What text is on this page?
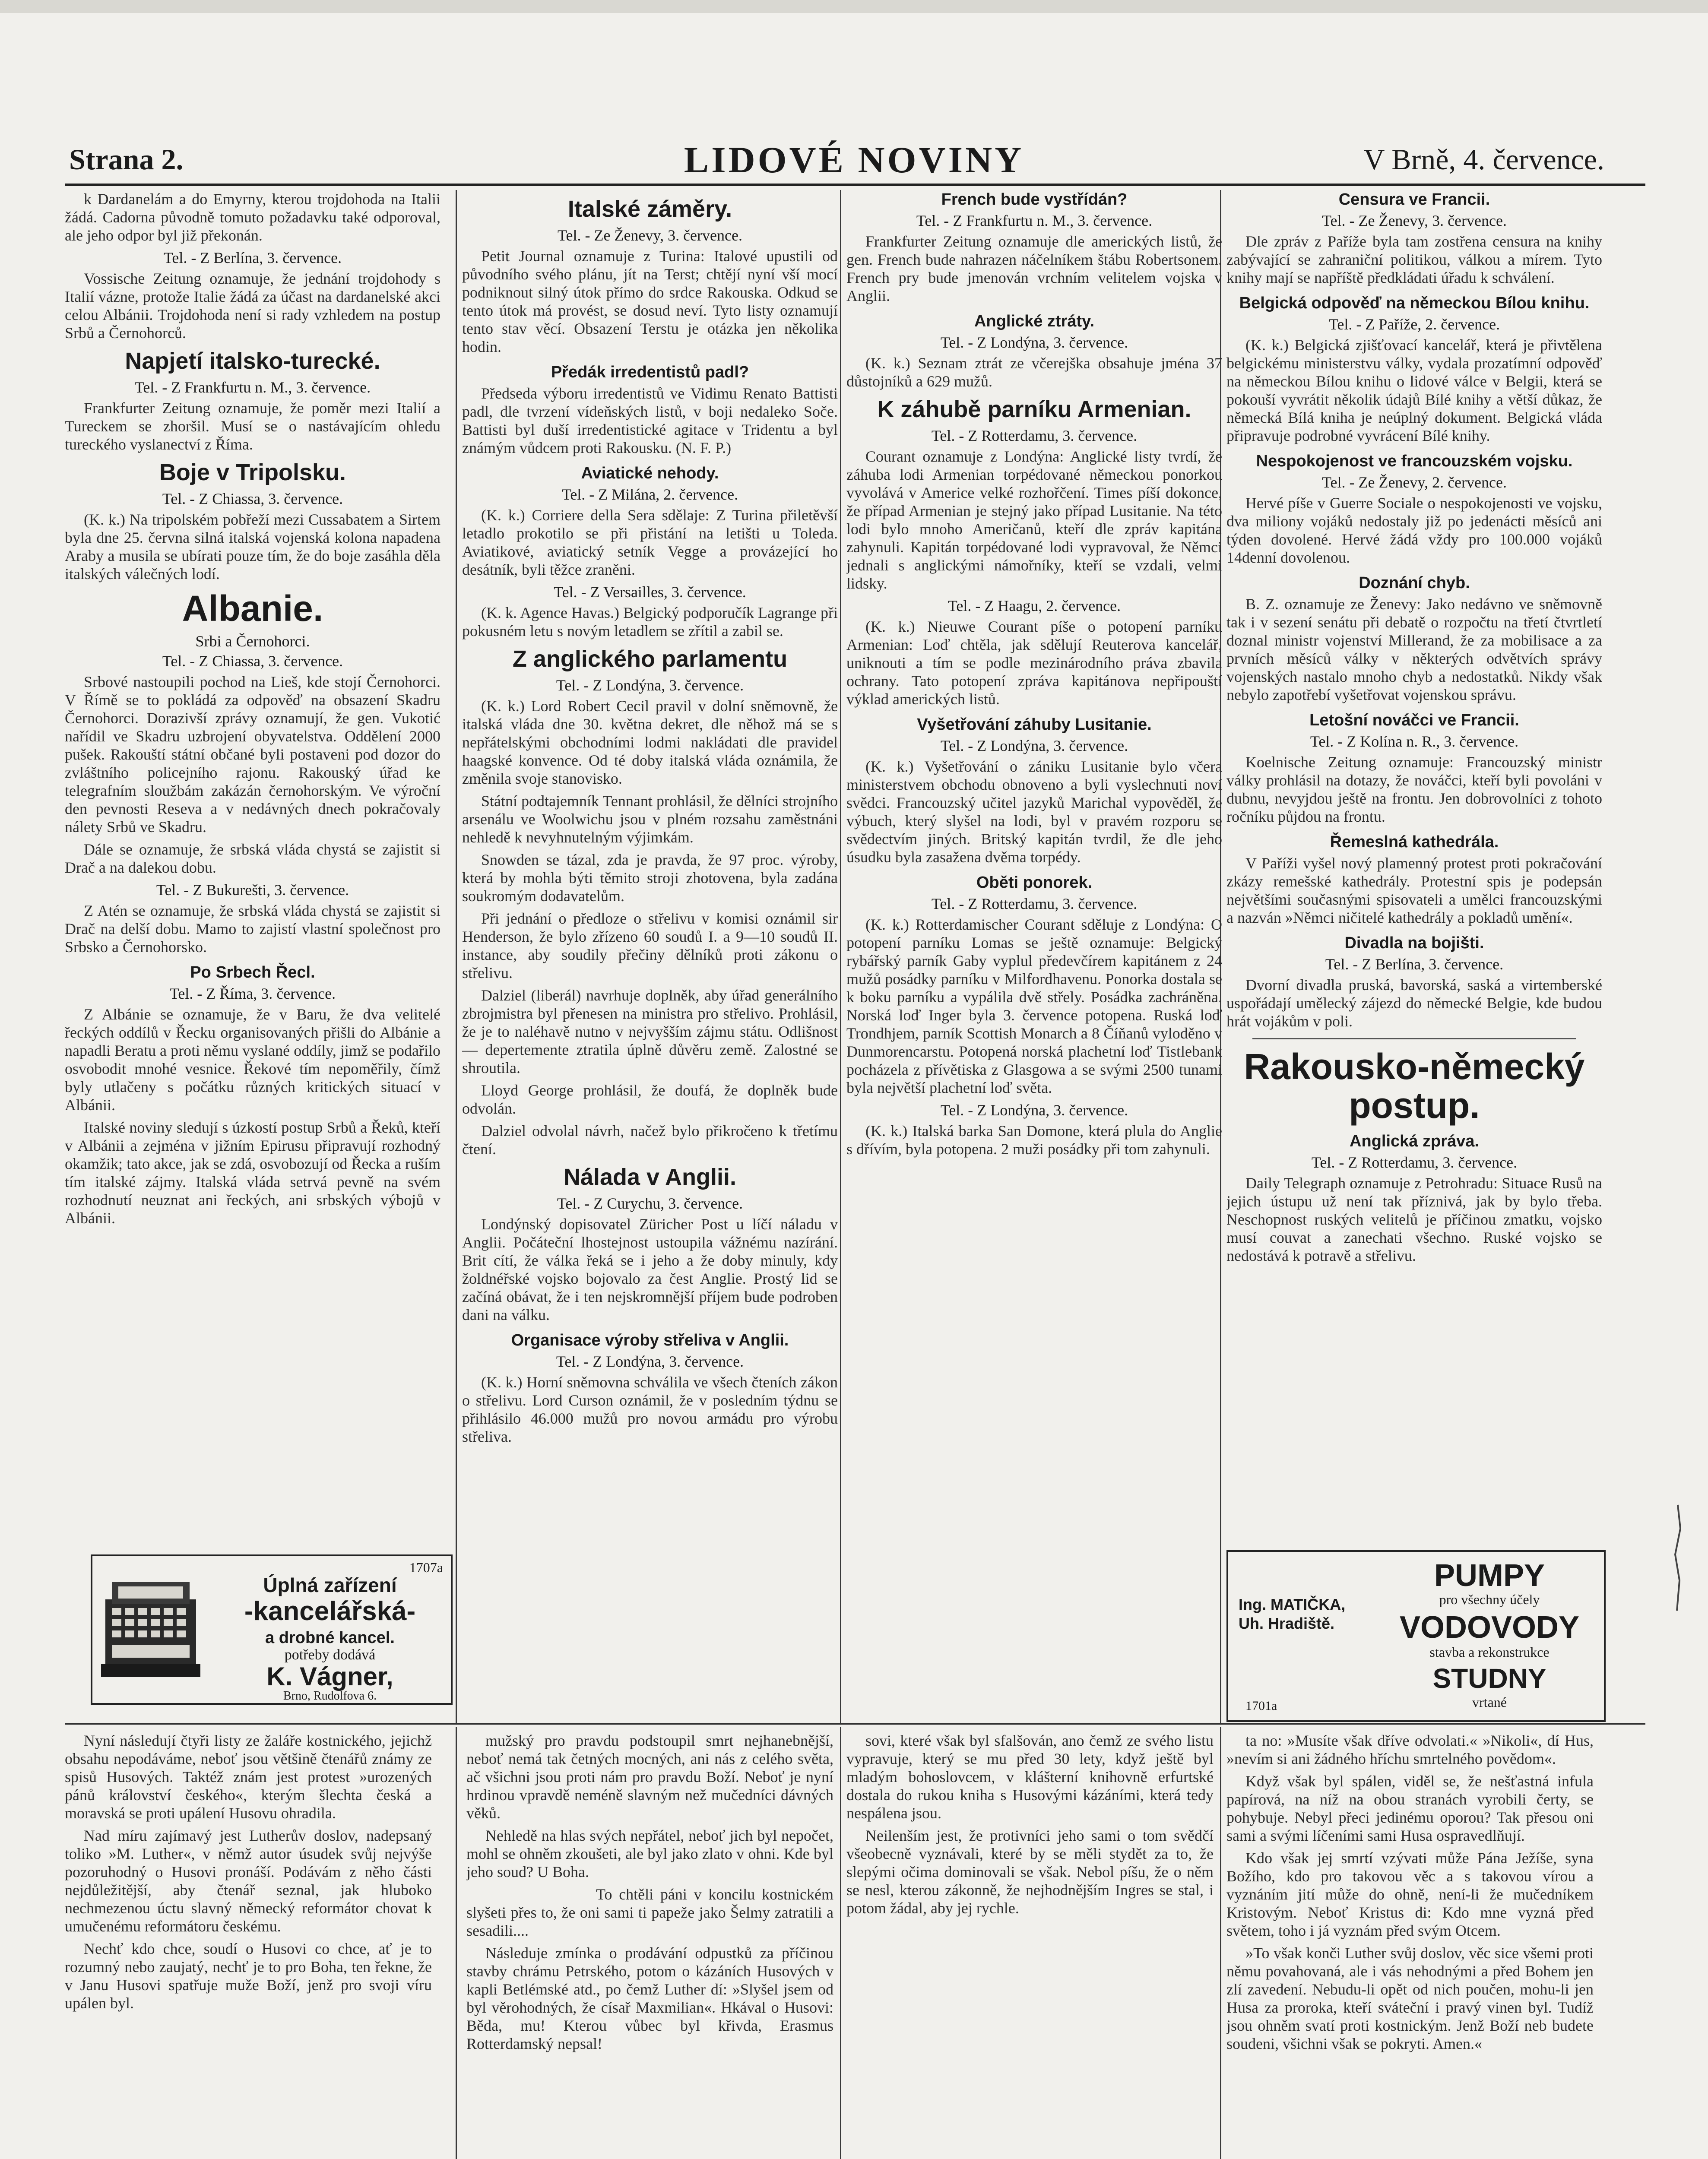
Strana 2.	LIDOVÉ NOVINY	V Brně, 4. července.

k Dardanelám a do Emyrny, kterou trojdohoda na Italii žádá. Cadorna původně tomuto požadavku také odporoval, ale jeho odpor byl již překonán.

Tel. - Z Berlína, 3. července.

Vossische Zeitung oznamuje, že jednání trojdohody s Italií vázne, protože Italie žádá za účast na dardanelské akci celou Albánii. Trojdohoda není si rady vzhledem na postup Srbů a Černohorců.

Napjetí italsko-turecké.
Tel. - Z Frankfurtu n. M., 3. července.

Frankfurter Zeitung oznamuje, že poměr mezi Italií a Tureckem se zhoršil. Musí se o nastávajícím ohledu tureckého vyslanectví z Říma.

Boje v Tripolsku.
Tel. - Z Chiassa, 3. července.

(K. k.) Na tripolském pobřeží mezi Cussabatem a Sirtem byla dne 25. června silná italská vojenská kolona napadena Araby a musila se ubírati pouze tím, že do boje zasáhla děla italských válečných lodí.

Albanie.
Srbi a Černohorci.
Tel. - Z Chiassa, 3. července.

Srbové nastoupili pochod na Lieš, kde stojí Černohorci. V Římě se to pokládá za odpověď na obsazení Skadru Černohorci. Dorazivší zprávy oznamují, že gen. Vukotić nařídil ve Skadru uzbrojení obyvatelstva. Oddělení 2000 pušek. Rakouští státní občané byli postaveni pod dozor do zvláštního policejního rajonu. Rakouský úřad ke telegrafním sloužbám zakázán černohorským. Ve výroční den pevnosti Reseva a v nedávných dnech pokračovaly nálety Srbů ve Skadru.

Dále se oznamuje, že srbská vláda chystá se zajistit si Drač a na dalekou dobu.

Tel. - Z Bukurešti, 3. července.

Z Atén se oznamuje, že srbská vláda chystá se zajistit si Drač na delší dobu. Mamo to zajistí vlastní společnost pro Srbsko a Černohorsko.

Po Srbech Řecl.
Tel. - Z Říma, 3. července.

Z Albánie se oznamuje, že v Baru, že dva velitelé řeckých oddílů v Řecku organisovaných přišli do Albánie a napadli Beratu a proti němu vyslané oddíly, jimž se podařilo osvobodit mnohé vesnice. Řekové tím nepoměřily, čímž byly utlačeny s počátku různých kritických situací v Albánii.

Italské noviny sledují s úzkostí postup Srbů a Řeků, kteří v Albánii a zejména v jižním Epirusu připravují rozhodný okamžik; tato akce, jak se zdá, osvobozují od Řecka a ruším tím italské zájmy. Italská vláda setrvá pevně na svém rozhodnutí neuznat ani řeckých, ani srbských výbojů v Albánii.

1707a
Úplná zařízení
-kancelářská-
a drobné kancel.
potřeby dodává
K. Vágner,
Brno, Rudolfova 6.
Italské záměry.
Tel. - Ze Ženevy, 3. července.

Petit Journal oznamuje z Turina: Italové upustili od původního svého plánu, jít na Terst; chtějí nyní vší mocí podniknout silný útok přímo do srdce Rakouska. Odkud se tento útok má provést, se dosud neví. Tyto listy oznamují tento stav věcí. Obsazení Terstu je otázka jen několika hodin.

Předák irredentistů padl?

Předseda výboru irredentistů ve Vidimu Renato Battisti padl, dle tvrzení vídeňských listů, v boji nedaleko Soče. Battisti byl duší irredentistické agitace v Tridentu a byl známým vůdcem proti Rakousku. (N. F. P.)

Aviatické nehody.
Tel. - Z Milána, 2. července.

(K. k.) Corriere della Sera sdělaje: Z Turina přiletěvší letadlo prokotilo se při přistání na letišti u Toleda. Aviatikové, aviatický setník Vegge a provázející ho desátník, byli těžce zraněni.

Tel. - Z Versailles, 3. července.

(K. k. Agence Havas.) Belgický podporučík Lagrange při pokusném letu s novým letadlem se zřítil a zabil se.

Z anglického parlamentu
Tel. - Z Londýna, 3. července.

(K. k.) Lord Robert Cecil pravil v dolní sněmovně, že italská vláda dne 30. května dekret, dle něhož má se s nepřátelskými obchodními lodmi nakládati dle pravidel haagské konvence. Od té doby italská vláda oznámila, že změnila svoje stanovisko.

Státní podtajemník Tennant prohlásil, že dělníci strojního arsenálu ve Woolwichu jsou v plném rozsahu zaměstnáni nehledě k nevyhnutelným výjimkám.

Snowden se tázal, zda je pravda, že 97 proc. výroby, která by mohla býti těmito stroji zhotovena, byla zadána soukromým dodavatelům.

Při jednání o předloze o střelivu v komisi oznámil sir Henderson, že bylo zřízeno 60 soudů I. a 9—10 soudů II. instance, aby soudily přečiny dělníků proti zákonu o střelivu.

Dalziel (liberál) navrhuje doplněk, aby úřad generálního zbrojmistra byl přenesen na ministra pro střelivo. Prohlásil, že je to naléhavě nutno v nejvyšším zájmu státu. Odlišnost — depertemente ztratila úplně důvěru země. Zalostné se shroutila.

Lloyd George prohlásil, že doufá, že doplněk bude odvolán.

Dalziel odvolal návrh, načež bylo přikročeno k třetímu čtení.

Nálada v Anglii.
Tel. - Z Curychu, 3. července.

Londýnský dopisovatel Züricher Post u líčí náladu v Anglii. Počáteční lhostejnost ustoupila vážnému nazírání. Brit cítí, že válka řeká se i jeho a že doby minuly, kdy žoldnéřské vojsko bojovalo za čest Anglie. Prostý lid se začíná obávat, že i ten nejskromnější příjem bude podroben dani na válku.

Organisace výroby střeliva v Anglii.
Tel. - Z Londýna, 3. července.

(K. k.) Horní sněmovna schválila ve všech čteních zákon o střelivu. Lord Curson oznámil, že v posledním týdnu se přihlásilo 46.000 mužů pro novou armádu pro výrobu střeliva.

French bude vystřídán?
Tel. - Z Frankfurtu n. M., 3. července.

Frankfurter Zeitung oznamuje dle amerických listů, že gen. French bude nahrazen náčelníkem štábu Robertsonem. French pry bude jmenován vrchním velitelem vojska v Anglii.

Anglické ztráty.
Tel. - Z Londýna, 3. července.

(K. k.) Seznam ztrát ze včerejška obsahuje jména 37 důstojníků a 629 mužů.

K záhubě parníku Armenian.
Tel. - Z Rotterdamu, 3. července.

Courant oznamuje z Londýna: Anglické listy tvrdí, že záhuba lodi Armenian torpédované německou ponorkou vyvolává v Americe velké rozhořčení. Times píší dokonce, že případ Armenian je stejný jako případ Lusitanie. Na této lodi bylo mnoho Američanů, kteří dle zpráv kapitána zahynuli. Kapitán torpédované lodi vypravoval, že Němci jednali s anglickými námořníky, kteří se vzdali, velmi lidsky.

Tel. - Z Haagu, 2. července.

(K. k.) Nieuwe Courant píše o potopení parníku Armenian: Loď chtěla, jak sdělují Reuterova kancelář, uniknouti a tím se podle mezinárodního práva zbavila ochrany. Tato potopení zpráva kapitánova nepřipouští výklad amerických listů.

Vyšetřování záhuby Lusitanie.
Tel. - Z Londýna, 3. července.

(K. k.) Vyšetřování o zániku Lusitanie bylo včera ministerstvem obchodu obnoveno a byli vyslechnuti noví svědci. Francouzský učitel jazyků Marichal vypověděl, že výbuch, který slyšel na lodi, byl v pravém rozporu se svědectvím jiných. Britský kapitán tvrdil, že dle jeho úsudku byla zasažena dvěma torpédy.

Oběti ponorek.
Tel. - Z Rotterdamu, 3. července.

(K. k.) Rotterdamischer Courant sděluje z Londýna: O potopení parníku Lomas se ještě oznamuje: Belgický rybářský parník Gaby vyplul předevčírem kapitánem z 24 mužů posádky parníku v Milfordhavenu. Ponorka dostala se k boku parníku a vypálila dvě střely. Posádka zachráněna. Norská loď Inger byla 3. července potopena. Ruská loď Trondhjem, parník Scottish Monarch a 8 Číňanů vyloděno v Dunmorencarstu. Potopená norská plachetní loď Tistlebank pocházela z přívětiska z Glasgowa a se svými 2500 tunami byla největší plachetní loď světa.

Tel. - Z Londýna, 3. července.

(K. k.) Italská barka San Domone, která plula do Anglie s dřívím, byla potopena. 2 muži posádky při tom zahynuli.

Censura ve Francii.
Tel. - Ze Ženevy, 3. července.

Dle zpráv z Paříže byla tam zostřena censura na knihy zabývající se zahraniční politikou, válkou a mírem. Tyto knihy mají se napříště předkládati úřadu k schválení.

Belgická odpověď na německou Bílou knihu.
Tel. - Z Paříže, 2. července.

(K. k.) Belgická zjišťovací kancelář, která je přivtělena belgickému ministerstvu války, vydala prozatímní odpověď na německou Bílou knihu o lidové válce v Belgii, která se pokouší vyvrátit několik údajů Bílé knihy a větší důkaz, že německá Bílá kniha je neúplný dokument. Belgická vláda připravuje podrobné vyvrácení Bílé knihy.

Nespokojenost ve francouzském vojsku.
Tel. - Ze Ženevy, 2. července.

Hervé píše v Guerre Sociale o nespokojenosti ve vojsku, dva miliony vojáků nedostaly již po jedenácti měsíců ani týden dovolené. Hervé žádá vždy pro 100.000 vojáků 14denní dovolenou.

Doznání chyb.

B. Z. oznamuje ze Ženevy: Jako nedávno ve sněmovně tak i v sezení senátu při debatě o rozpočtu na třetí čtvrtletí doznal ministr vojenství Millerand, že za mobilisace a za prvních měsíců války v některých odvětvích správy vojenských nastalo mnoho chyb a nedostatků. Nikdy však nebylo zapotřebí vyšetřovat vojenskou správu.

Letošní nováčci ve Francii.
Tel. - Z Kolína n. R., 3. července.

Koelnische Zeitung oznamuje: Francouzský ministr války prohlásil na dotazy, že nováčci, kteří byli povoláni v dubnu, nevyjdou ještě na frontu. Jen dobrovolníci z tohoto ročníku půjdou na frontu.

Řemeslná kathedrála.

V Paříži vyšel nový plamenný protest proti pokračování zkázy remešské kathedrály. Protestní spis je podepsán největšími současnými spisovateli a umělci francouzskými a nazván »Němci ničitelé kathedrály a pokladů umění«.

Divadla na bojišti.
Tel. - Z Berlína, 3. července.

Dvorní divadla pruská, bavorská, saská a virtemberské uspořádají umělecký zájezd do německé Belgie, kde budou hrát vojákům v poli.

Rakousko-německý postup.
Anglická zpráva.
Tel. - Z Rotterdamu, 3. července.

Daily Telegraph oznamuje z Petrohradu: Situace Rusů na jejich ústupu už není tak příznivá, jak by bylo třeba. Neschopnost ruských velitelů je příčinou zmatku, vojsko musí couvat a zanechati všechno. Ruské vojsko se nedostává k potravě a střelivu.

Ing. MATIČKA, Uh. Hradiště.
PUMPY
pro všechny účely
VODOVODY
stavba a rekonstrukce
STUDNY
vrtané
1701a

Nyní následují čtyři listy ze žaláře kostnického, jejichž obsahu nepodáváme, neboť jsou většině čtenářů známy ze spisů Husových. Taktéž znám jest protest »urozených pánů království českého«, kterým šlechta česká a moravská se proti upálení Husovu ohradila.

Nad míru zajímavý jest Lutherův doslov, nadepsaný toliko »M. Luther«, v němž autor úsudek svůj nejvýše pozoruhodný o Husovi pronáší. Podávám z něho části nejdůležitější, aby čtenář seznal, jak hluboko nechmezenou úctu slavný německý reformátor chovat k umučenému reformátoru českému.

Nechť kdo chce, soudí o Husovi co chce, ať je to rozumný nebo zaujatý, nechť je to pro Boha, ten řekne, že v Janu Husovi spatřuje muže Boží, jenž pro svoji víru upálen byl.

mužský pro pravdu podstoupil smrt nejhanebnější, neboť nemá tak četných mocných, ani nás z celého světa, ač všichni jsou proti nám pro pravdu Boží. Neboť je nyní hrdinou vpravdě neméně slavným než mučedníci dávných věků.

Nehledě na hlas svých nepřátel, neboť jich byl nepočet, mohl se ohněm zkoušeti, ale byl jako zlato v ohni. Kde byl jeho soud? U Boha.

To chtěli páni v koncilu kostnickém slyšeti přes to, že oni sami ti papeže jako Šelmy zatratili a sesadili....

Následuje zmínka o prodávání odpustků za příčinou stavby chrámu Petrského, potom o kázáních Husových v kapli Betlémské atd., po čemž Luther dí: »Slyšel jsem od byl věrohodných, že císař Maxmilian«. Hkával o Husovi: Běda, mu! Kterou vůbec byl křivda, Erasmus Rotterdamský nepsal!

sovi, které však byl sfalšován, ano čemž ze svého listu vypravuje, který se mu před 30 lety, když ještě byl mladým bohoslovcem, v klášterní knihovně erfurtské dostala do rukou kniha s Husovými kázáními, která tedy nespálena jsou.

Neilenším jest, že protivníci jeho sami o tom svědčí všeobecně vyznávali, které by se měli stydět za to, že slepými očima dominovali se však. Nebol píšu, že o něm se nesl, kterou zákonně, že nejhodnějším Ingres se stal, i potom žádal, aby jej rychle.

ta no: »Musíte však dříve odvolati.« »Nikoli«, dí Hus, »nevím si ani žádného hříchu smrtelného povědom«.

Když však byl spálen, viděl se, že nešťastná infula papírová, na níž na obou stranách vyrobili čerty, se pohybuje. Nebyl přeci jedinému oporou? Tak přesou oni sami a svými líčeními sami Husa ospravedlňují.

Kdo však jej smrtí vzývati může Pána Ježíše, syna Božího, kdo pro takovou věc a s takovou vírou a vyznáním jití může do ohně, není-li že mučedníkem Kristovým. Neboť Kristus di: Kdo mne vyzná před světem, toho i já vyznám před svým Otcem.

»To však konči Luther svůj doslov, věc sice všemi proti němu povahovaná, ale i vás nehodnými a před Bohem jen zlí zavedení. Nebudu-li opět od nich poučen, mohu-li jen Husa za proroka, kteří sváteční i pravý vinen byl. Tudíž jsou ohněm svatí proti kostnickým. Jenž Boží neb budete soudeni, všichni však se pokryti. Amen.«
